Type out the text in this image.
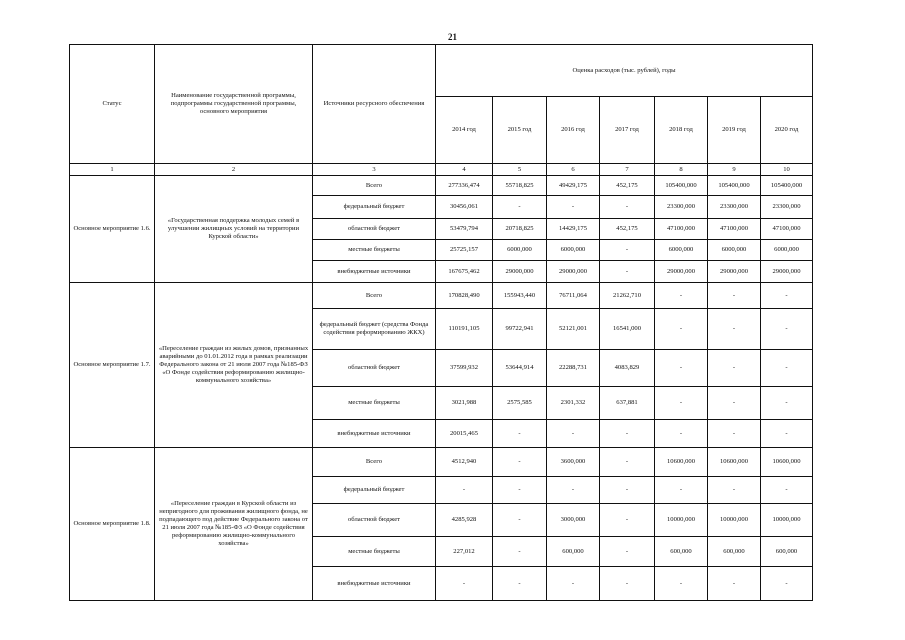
21
Статус	Наименование государственной программы, подпрограммы государственной программы, основного мероприятия	Источники ресурсного обеспечения	Оценка расходов (тыс. рублей), годы						
			2014 год	2015 год	2016 год	2017 год	2018 год	2019 год	2020 год
1	2	3	4	5	6	7	8	9	10
Основное мероприятие 1.6.	«Государственная поддержка молодых семей в улучшении жилищных условий на территории Курской области»	Всего	277336,474	55718,825	49429,175	452,175	105400,000	105400,000	105400,000
		федеральный бюджет	30456,061	-	-	-	23300,000	23300,000	23300,000
		областной бюджет	53479,794	20718,825	14429,175	452,175	47100,000	47100,000	47100,000
		местные бюджеты	25725,157	6000,000	6000,000	-	6000,000	6000,000	6000,000
		внебюджетные источники	167675,462	29000,000	29000,000	-	29000,000	29000,000	29000,000
Основное мероприятие 1.7.	«Переселение граждан из жилых домов, признанных аварийными до 01.01.2012 года в рамках реализации Федерального закона от 21 июля 2007 года №185-ФЗ «О Фонде содействия реформированию жилищно-коммунального хозяйства»	Всего	170828,490	155943,440	76711,064	21262,710	-	-	-
		федеральный бюджет (средства Фонда содействия реформированию ЖКХ)	110191,105	99722,941	52121,001	16541,000	-	-	-
		областной бюджет	37599,932	53644,914	22288,731	4083,829	-	-	-
		местные бюджеты	3021,988	2575,585	2301,332	637,881	-	-	-
		внебюджетные источники	20015,465	-	-	-	-	-	-
Основное мероприятие 1.8.	«Переселение граждан в Курской области из непригодного для проживания жилищного фонда, не подпадающего под действие Федерального закона от 21 июля 2007 года №185-ФЗ «О Фонде содействия реформированию жилищно-коммунального хозяйства»	Всего	4512,940	-	3600,000	-	10600,000	10600,000	10600,000
		федеральный бюджет	-	-	-	-	-	-	-
		областной бюджет	4285,928	-	3000,000	-	10000,000	10000,000	10000,000
		местные бюджеты	227,012	-	600,000	-	600,000	600,000	600,000
		внебюджетные источники	-	-	-	-	-	-	-
